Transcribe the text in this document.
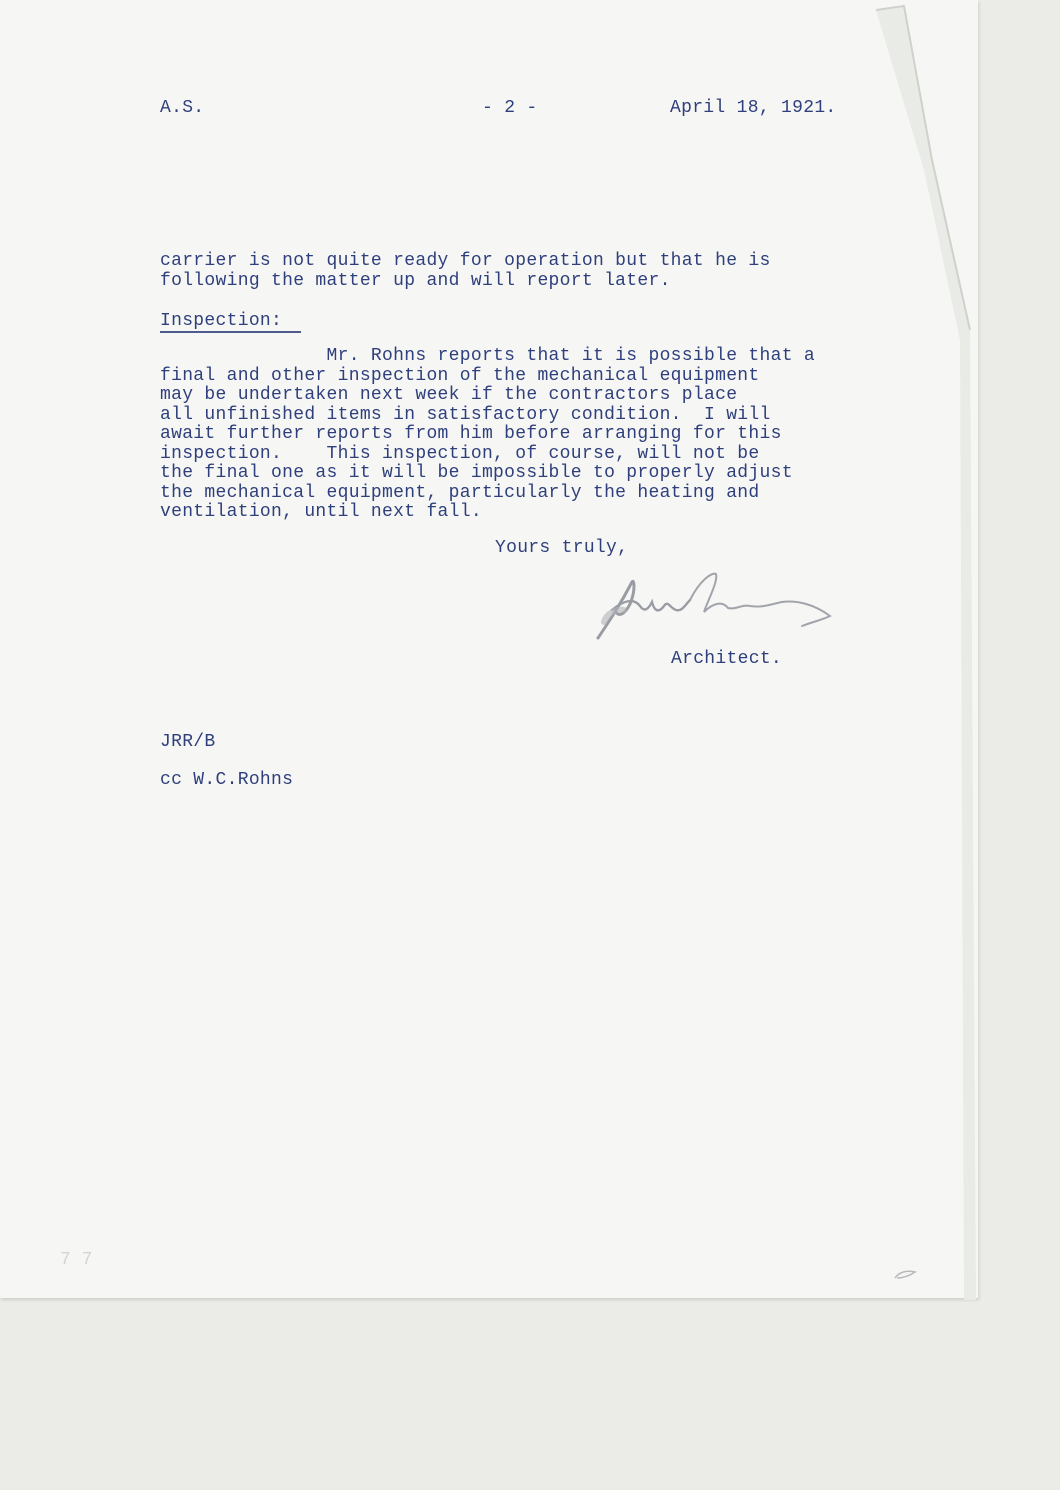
A.S.	- 2 -	April 18, 1921.

carrier is not quite ready for operation but that he is
following the matter up and will report later.

Inspection:

Mr. Rohns reports that it is possible that a
final and other inspection of the mechanical equipment
may be undertaken next week if the contractors place
all unfinished items in satisfactory condition.  I will
await further reports from him before arranging for this
inspection.    This inspection, of course, will not be
the final one as it will be impossible to properly adjust
the mechanical equipment, particularly the heating and
ventilation, until next fall.

Yours truly,

Architect.

JRR/B

cc W.C.Rohns

7 7
